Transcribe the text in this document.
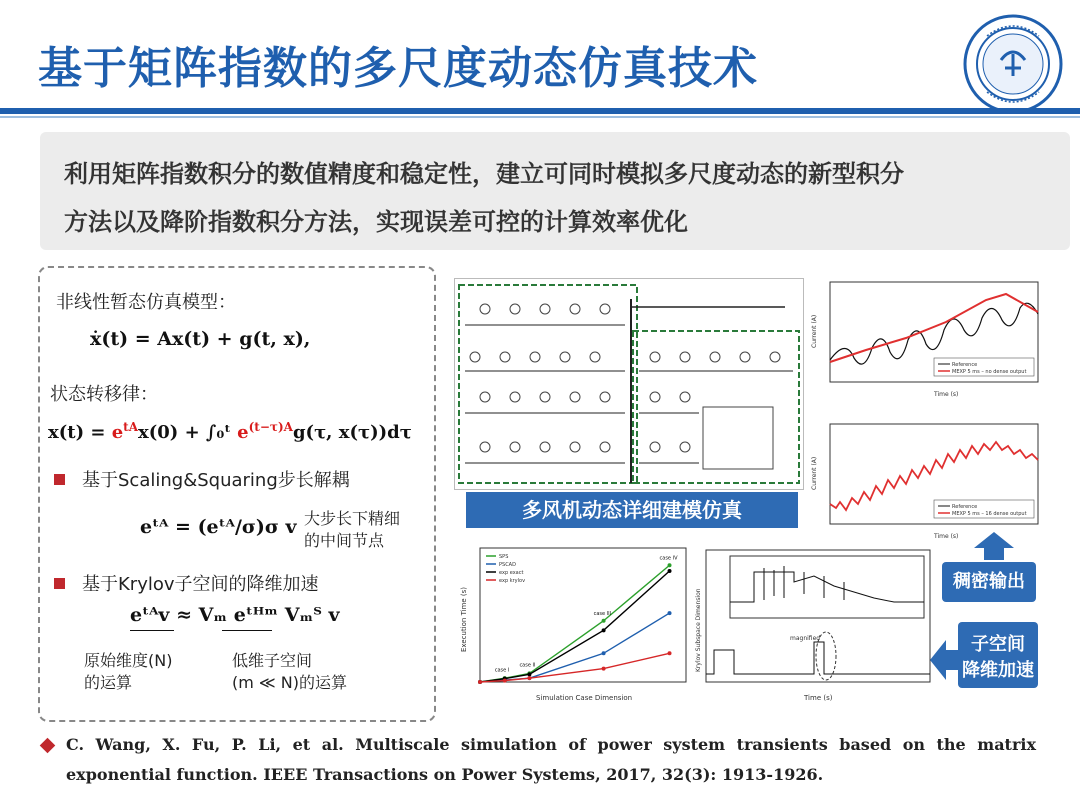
基于矩阵指数的多尺度动态仿真技术

利用矩阵指数积分的数值精度和稳定性，建立可同时模拟多尺度动态的新型积分

方法以及降阶指数积分方法，实现误差可控的计算效率优化

非线性暂态仿真模型：
ẋ(t) = Ax(t) + g(t, x),
状态转移律：
$x(t) = e^{tA}x(0)$ + ∫₀ᵗ $e^{(t-\tau)A}g(\tau$, x(τ))dτ
基于Scaling&Squaring步长解耦
eᵗᴬ = (eᵗᴬ/σ)σ v 大步长下精细
的中间节点
基于Krylov子空间的降维加速
eᵗᴬv ≈ Vₘ eᵗᴴᵐ Vₘᵀ v
原始维度(N)
的运算
低维子空间
(m ≪ N)的运算
多风机动态详细建模仿真
Reference
MEXP 5 ms – no dense output
Time (s)
Current (A)
Reference
MEXP 5 ms – 16 dense output
Time (s)
Current (A)
case I
case II
case III
case IV
Simulation Case Dimension
Execution Time (s)
SPS
PSCAD
exp exact
exp krylov
magnified
Time (s)
Krylov Subspace Dimension
稠密输出
子空间
降维加速
C. Wang, X. Fu, P. Li, et al. Multiscale simulation of power system transients based on the matrix exponential function. IEEE Transactions on Power Systems, 2017, 32(3): 1913-1926.
